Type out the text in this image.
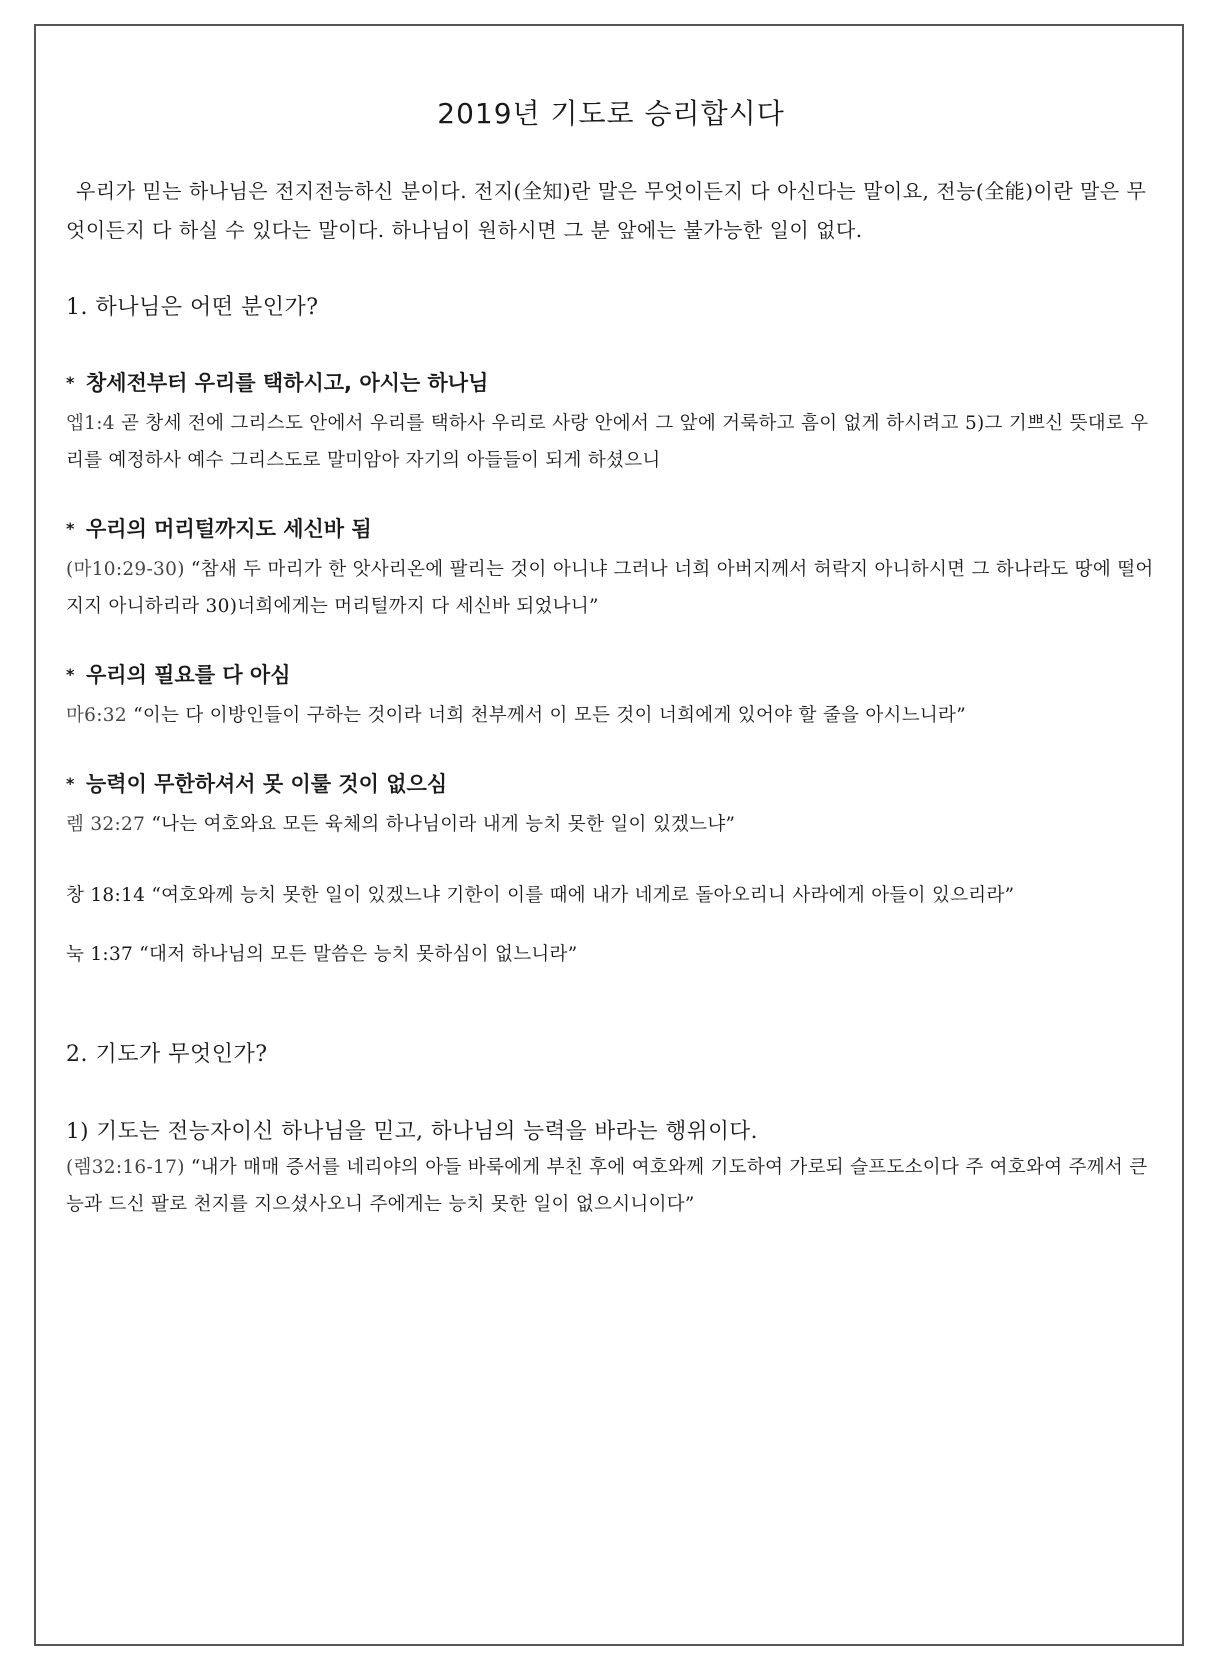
2019년 기도로 승리합시다

우리가 믿는 하나님은 전지전능하신 분이다. 전지(全知)란 말은 무엇이든지 다 아신다는 말이요, 전능(全能)이란 말은 무엇이든지 다 하실 수 있다는 말이다. 하나님이 원하시면 그 분 앞에는 불가능한 일이 없다.

1. 하나님은 어떤 분인가?
* 창세전부터 우리를 택하시고, 아시는 하나님

엡1:4 곧 창세 전에 그리스도 안에서 우리를 택하사 우리로 사랑 안에서 그 앞에 거룩하고 흠이 없게 하시려고 5)그 기쁘신 뜻대로 우리를 예정하사 예수 그리스도로 말미암아 자기의 아들들이 되게 하셨으니

* 우리의 머리털까지도 세신바 됨

(마10:29-30) “참새 두 마리가 한 앗사리온에 팔리는 것이 아니냐 그러나 너희 아버지께서 허락지 아니하시면 그 하나라도 땅에 떨어지지 아니하리라 30)너희에게는 머리털까지 다 세신바 되었나니”

* 우리의 필요를 다 아심

마6:32 “이는 다 이방인들이 구하는 것이라 너희 천부께서 이 모든 것이 너희에게 있어야 할 줄을 아시느니라”

* 능력이 무한하셔서 못 이룰 것이 없으심

렘 32:27 “나는 여호와요 모든 육체의 하나님이라 내게 능치 못한 일이 있겠느냐”

창 18:14 “여호와께 능치 못한 일이 있겠느냐 기한이 이를 때에 내가 네게로 돌아오리니 사라에게 아들이 있으리라”

눅 1:37 “대저 하나님의 모든 말씀은 능치 못하심이 없느니라”

2. 기도가 무엇인가?
1) 기도는 전능자이신 하나님을 믿고, 하나님의 능력을 바라는 행위이다.

(렘32:16-17) “내가 매매 증서를 네리야의 아들 바룩에게 부친 후에 여호와께 기도하여 가로되 슬프도소이다 주 여호와여 주께서 큰 능과 드신 팔로 천지를 지으셨사오니 주에게는 능치 못한 일이 없으시니이다”
